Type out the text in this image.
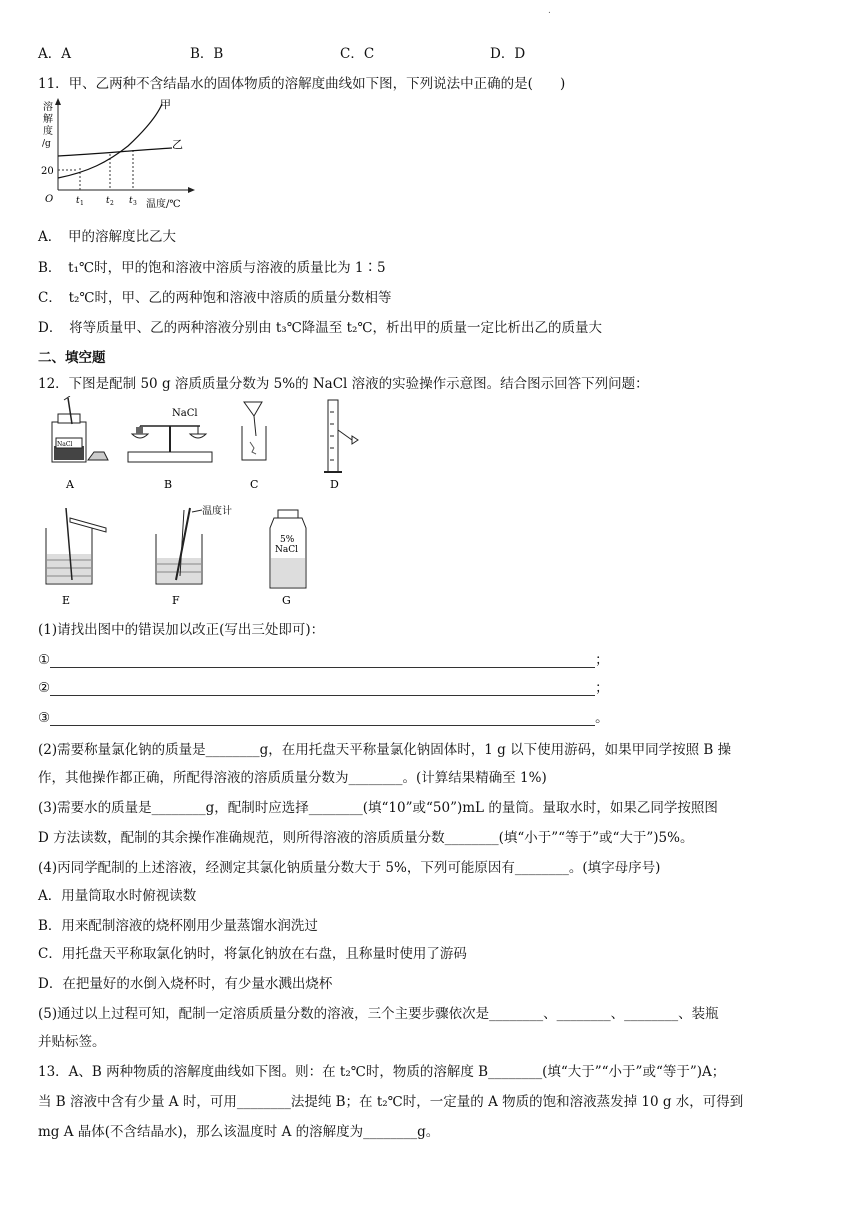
.
A．A	B．B	C．C	D．D
11．甲、乙两种不含结晶水的固体物质的溶解度曲线如下图，下列说法中正确的是(　　)
溶
解
度
/g
20
O
甲
乙
t 1 t 2 t 3 温度/℃
A．　甲的溶解度比乙大
B．　t₁℃时，甲的饱和溶液中溶质与溶液的质量比为 1∶5
C．　t₂℃时，甲、乙的两种饱和溶液中溶质的质量分数相等
D．　将等质量甲、乙的两种溶液分别由 t₃℃降温至 t₂℃，析出甲的质量一定比析出乙的质量大
二、填空题
12．下图是配制 50 g 溶质质量分数为 5%的 NaCl 溶液的实验操作示意图。结合图示回答下列问题：
NaCl
A
NaCl
B	C	D
E
温度计
F
5%
NaCl
G
(1)请找出图中的错误加以改正(写出三处即可)：
①	；
②	；
③	。
(2)需要称量氯化钠的质量是________g，在用托盘天平称量氯化钠固体时，1 g 以下使用游码，如果甲同学按照 B 操
作，其他操作都正确，所配得溶液的溶质质量分数为________。(计算结果精确至 1%)
(3)需要水的质量是________g，配制时应选择________(填“10”或“50”)mL 的量筒。量取水时，如果乙同学按照图
D 方法读数，配制的其余操作准确规范，则所得溶液的溶质质量分数________(填“小于”“等于”或“大于”)5%。
(4)丙同学配制的上述溶液，经测定其氯化钠质量分数大于 5%，下列可能原因有________。(填字母序号)
A．用量筒取水时俯视读数
B．用来配制溶液的烧杯刚用少量蒸馏水润洗过
C．用托盘天平称取氯化钠时，将氯化钠放在右盘，且称量时使用了游码
D．在把量好的水倒入烧杯时，有少量水溅出烧杯
(5)通过以上过程可知，配制一定溶质质量分数的溶液，三个主要步骤依次是________、________、________、装瓶
并贴标签。
13．A、B 两种物质的溶解度曲线如下图。则：在 t₂℃时，物质的溶解度 B________(填“大于”“小于”或“等于”)A；
当 B 溶液中含有少量 A 时，可用________法提纯 B；在 t₂℃时，一定量的 A 物质的饱和溶液蒸发掉 10 g 水，可得到
mg A 晶体(不含结晶水)，那么该温度时 A 的溶解度为________g。
